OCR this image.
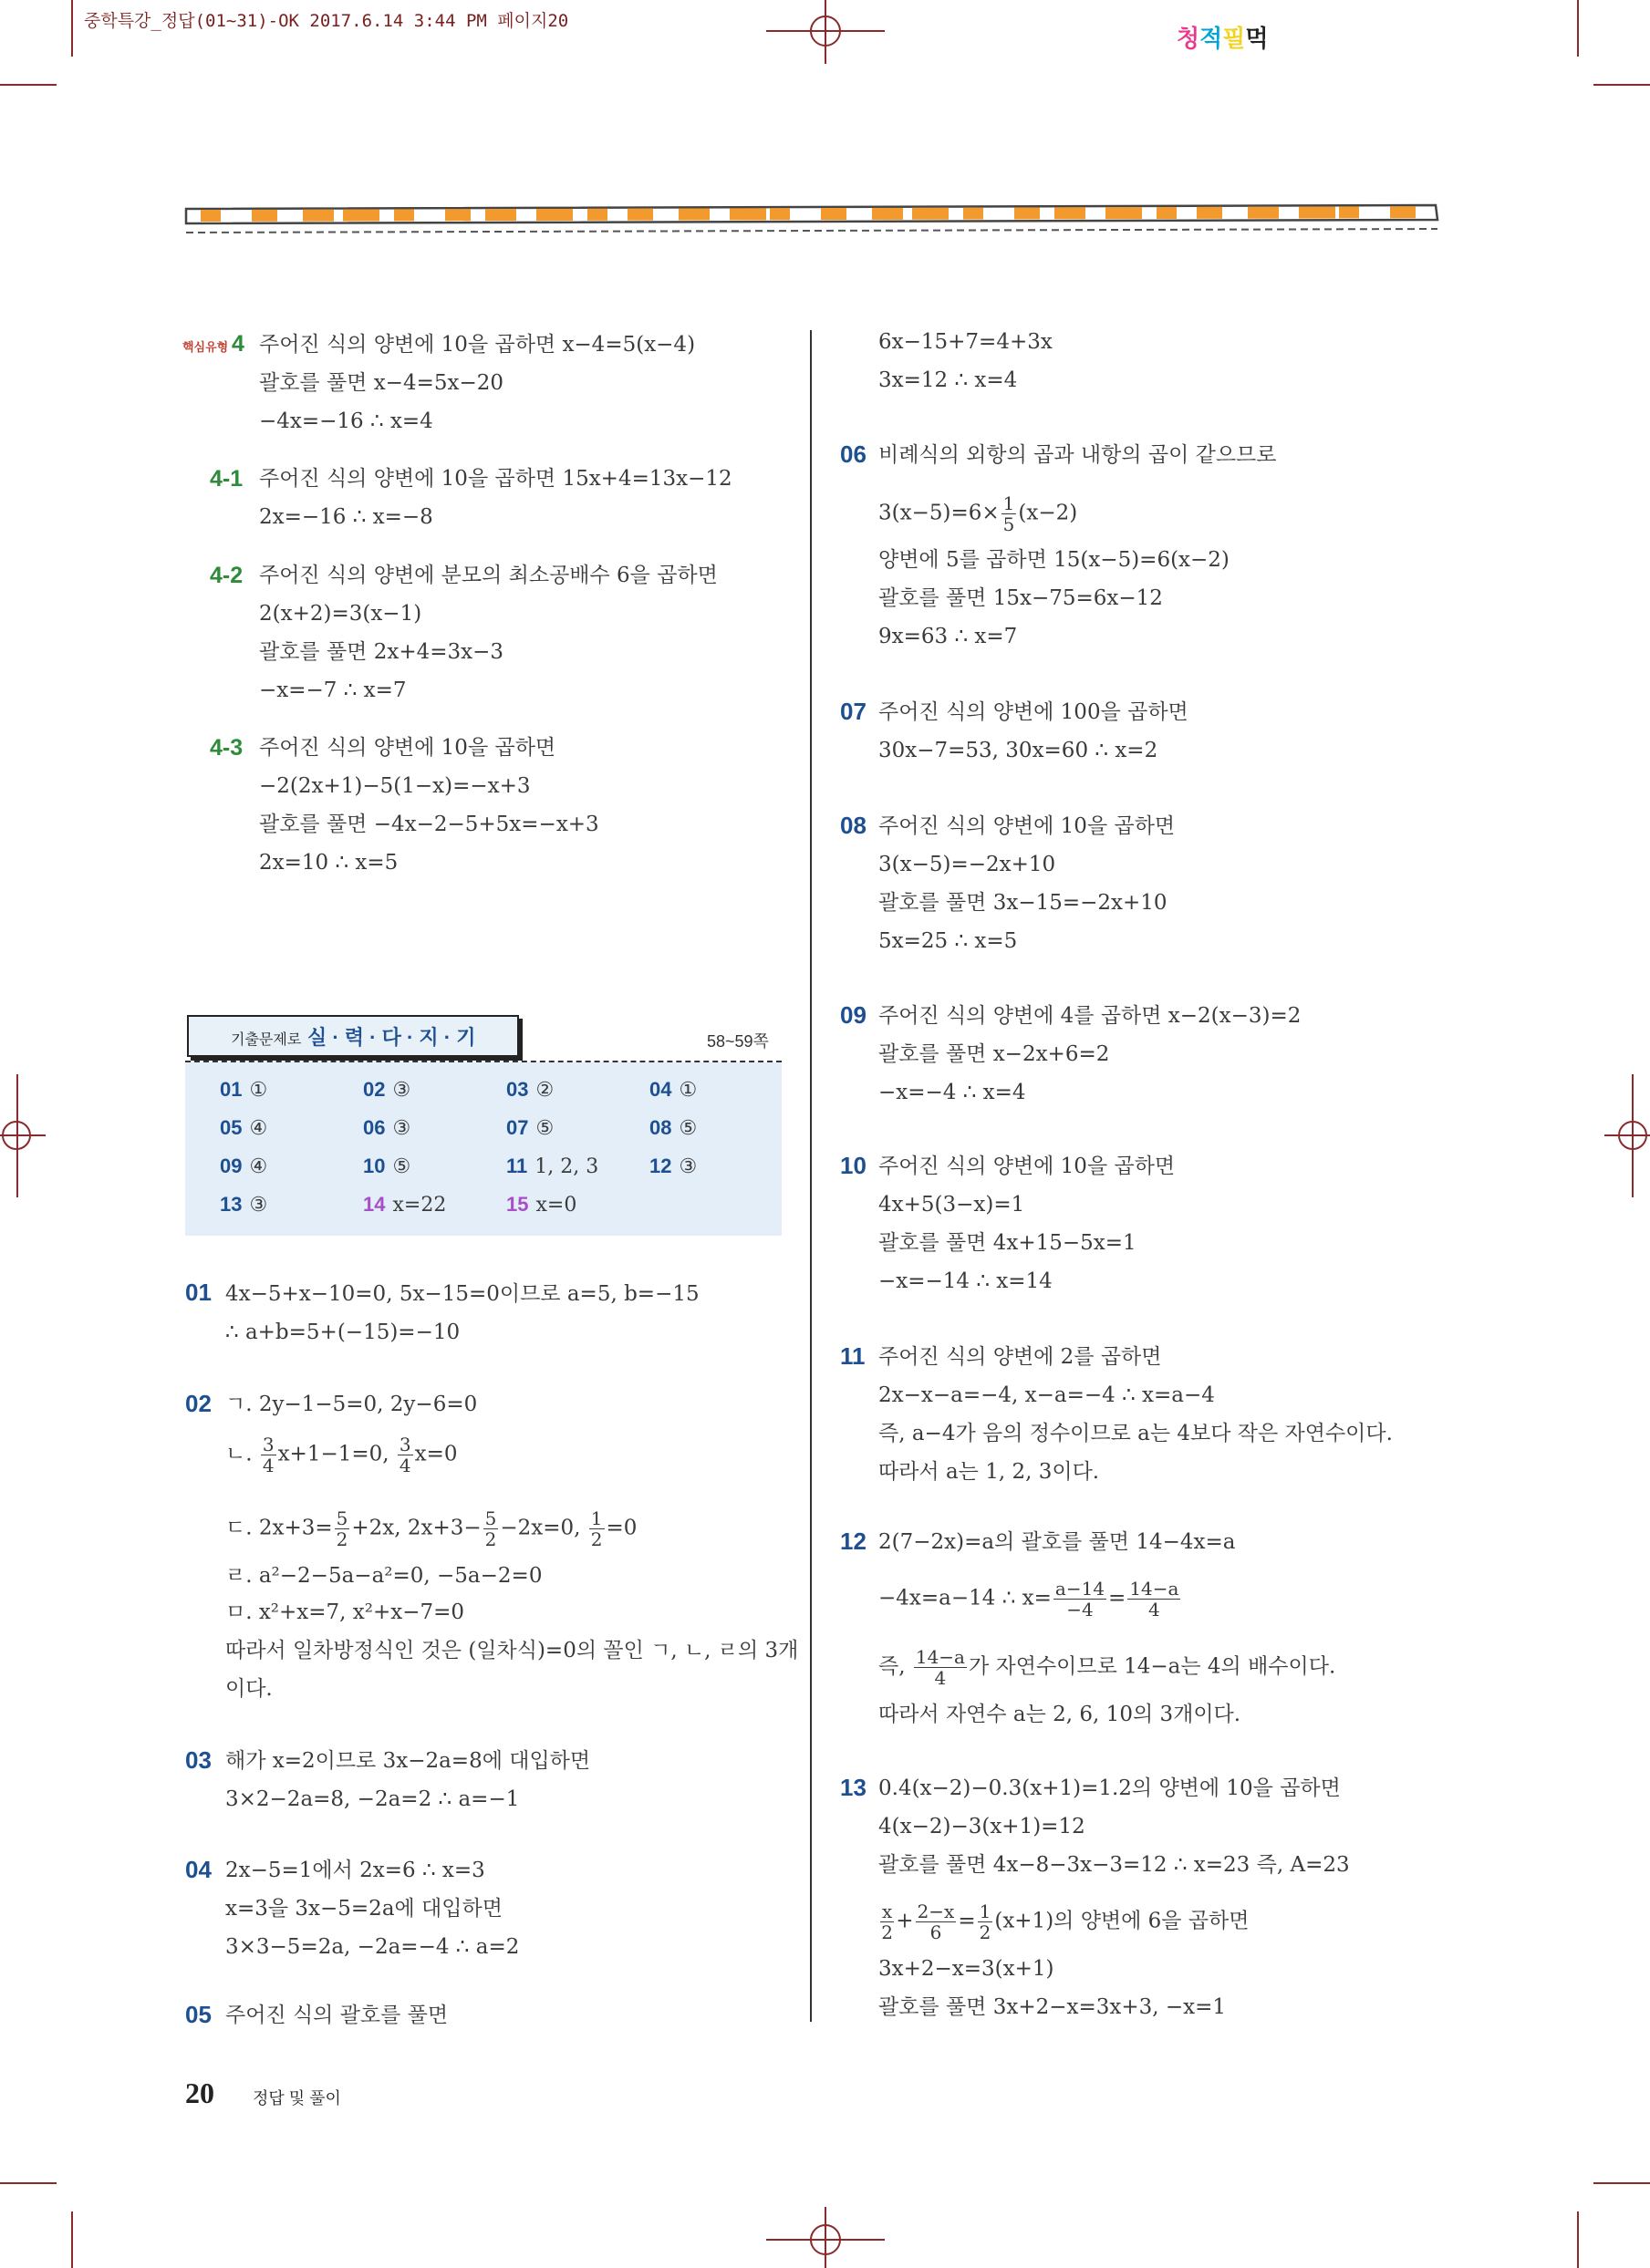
중학특강_정답(01~31)-OK 2017.6.14 3:44 PM 페이지20
청적필먹
핵심유형 4 주어진 식의 양변에 10을 곱하면 x−4=5(x−4)
괄호를 풀면 x−4=5x−20
−4x=−16 ∴ x=4
4-1 주어진 식의 양변에 10을 곱하면 15x+4=13x−12
2x=−16 ∴ x=−8
4-2 주어진 식의 양변에 분모의 최소공배수 6을 곱하면
2(x+2)=3(x−1)
괄호를 풀면 2x+4=3x−3
−x=−7 ∴ x=7
4-3 주어진 식의 양변에 10을 곱하면
−2(2x+1)−5(1−x)=−x+3
괄호를 풀면 −4x−2−5+5x=−x+3
2x=10 ∴ x=5
기출문제로 실 · 력 · 다 · 지 · 기	58~59쪽
01 ①	02 ③	03 ②	04 ①
05 ④	06 ③	07 ⑤	08 ⑤
09 ④	10 ⑤	11 1, 2, 3	12 ③
13 ③	14 x=22	15 x=0
01 4x−5+x−10=0, 5x−15=0이므로 a=5, b=−15
∴ a+b=5+(−15)=−10
02 ㄱ. 2y−1−5=0, 2y−6=0
ㄴ. $\frac{3}{4} x+1-1=0$, $\frac{3}{4} x=0$
ㄷ. $2x+3= \frac{5}{2} +2x$, $2x+3- \frac{5}{2} -2x=0$, $\frac{1}{2} =0$
ㄹ. a²−2−5a−a²=0, −5a−2=0
ㅁ. x²+x=7, x²+x−7=0
따라서 일차방정식인 것은 (일차식)=0의 꼴인 ㄱ, ㄴ, ㄹ의 3개
이다.
03 해가 x=2이므로 3x−2a=8에 대입하면
3×2−2a=8, −2a=2 ∴ a=−1
04 2x−5=1에서 2x=6 ∴ x=3
x=3을 3x−5=2a에 대입하면
3×3−5=2a, −2a=−4 ∴ a=2
05 주어진 식의 괄호를 풀면
6x−15+7=4+3x
3x=12 ∴ x=4
06 비례식의 외항의 곱과 내항의 곱이 같으므로
$3(x-5)=6\times \frac{1}{5} (x-2)$
양변에 5를 곱하면 15(x−5)=6(x−2)
괄호를 풀면 15x−75=6x−12
9x=63 ∴ x=7
07 주어진 식의 양변에 100을 곱하면
30x−7=53, 30x=60 ∴ x=2
08 주어진 식의 양변에 10을 곱하면
3(x−5)=−2x+10
괄호를 풀면 3x−15=−2x+10
5x=25 ∴ x=5
09 주어진 식의 양변에 4를 곱하면 x−2(x−3)=2
괄호를 풀면 x−2x+6=2
−x=−4 ∴ x=4
10 주어진 식의 양변에 10을 곱하면
4x+5(3−x)=1
괄호를 풀면 4x+15−5x=1
−x=−14 ∴ x=14
11 주어진 식의 양변에 2를 곱하면
2x−x−a=−4, x−a=−4 ∴ x=a−4
즉, a−4가 음의 정수이므로 a는 4보다 작은 자연수이다.
따라서 a는 1, 2, 3이다.
12 2(7−2x)=a의 괄호를 풀면 14−4x=a
−4x=a−14 ∴ $x= \frac{a-14}{-4} = \frac{14-a}{4}$
즉, $\frac{14-a}{4}$ 가 자연수이므로 14−a는 4의 배수이다.
따라서 자연수 a는 2, 6, 10의 3개이다.
13 0.4(x−2)−0.3(x+1)=1.2의 양변에 10을 곱하면
4(x−2)−3(x+1)=12
괄호를 풀면 4x−8−3x−3=12 ∴ x=23 즉, A=23
$\frac{x}{2} + \frac{2-x}{6} = \frac{1}{2} (x+1)$의 양변에 6을 곱하면
3x+2−x=3(x+1)
괄호를 풀면 3x+2−x=3x+3, −x=1
20 정답 및 풀이
